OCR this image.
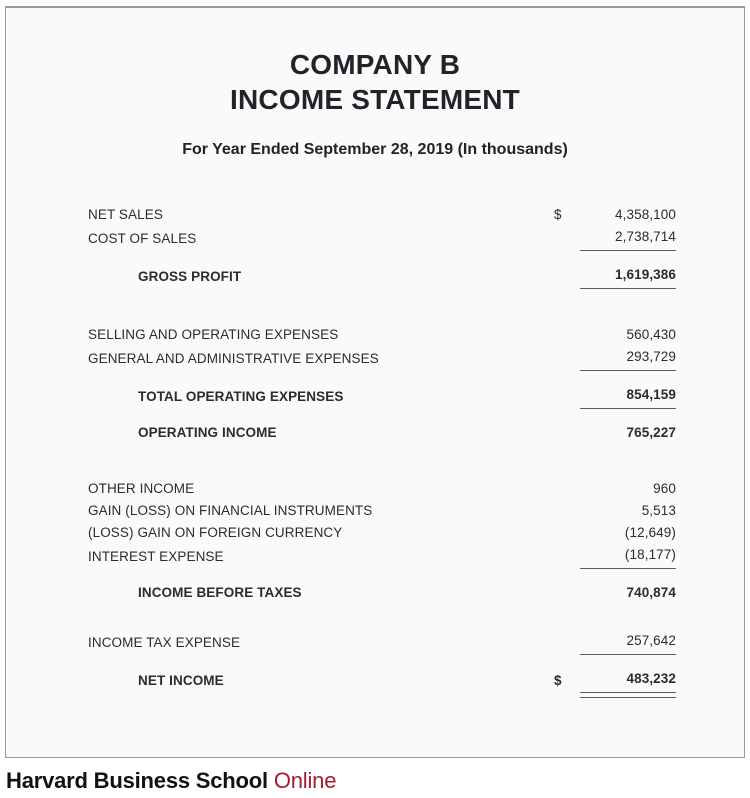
COMPANY B
INCOME STATEMENT
For Year Ended September 28, 2019 (In thousands)
NET SALES	$	4,358,100
COST OF SALES		2,738,714

GROSS PROFIT		1,619,386

SELLING AND OPERATING EXPENSES		560,430
GENERAL AND ADMINISTRATIVE EXPENSES		293,729

TOTAL OPERATING EXPENSES		854,159

OPERATING INCOME		765,227

OTHER INCOME		960
GAIN (LOSS) ON FINANCIAL INSTRUMENTS		5,513
(LOSS) GAIN ON FOREIGN CURRENCY		(12,649)
INTEREST EXPENSE		(18,177)

INCOME BEFORE TAXES		740,874

INCOME TAX EXPENSE		257,642

NET INCOME	$	483,232

Harvard Business School Online
